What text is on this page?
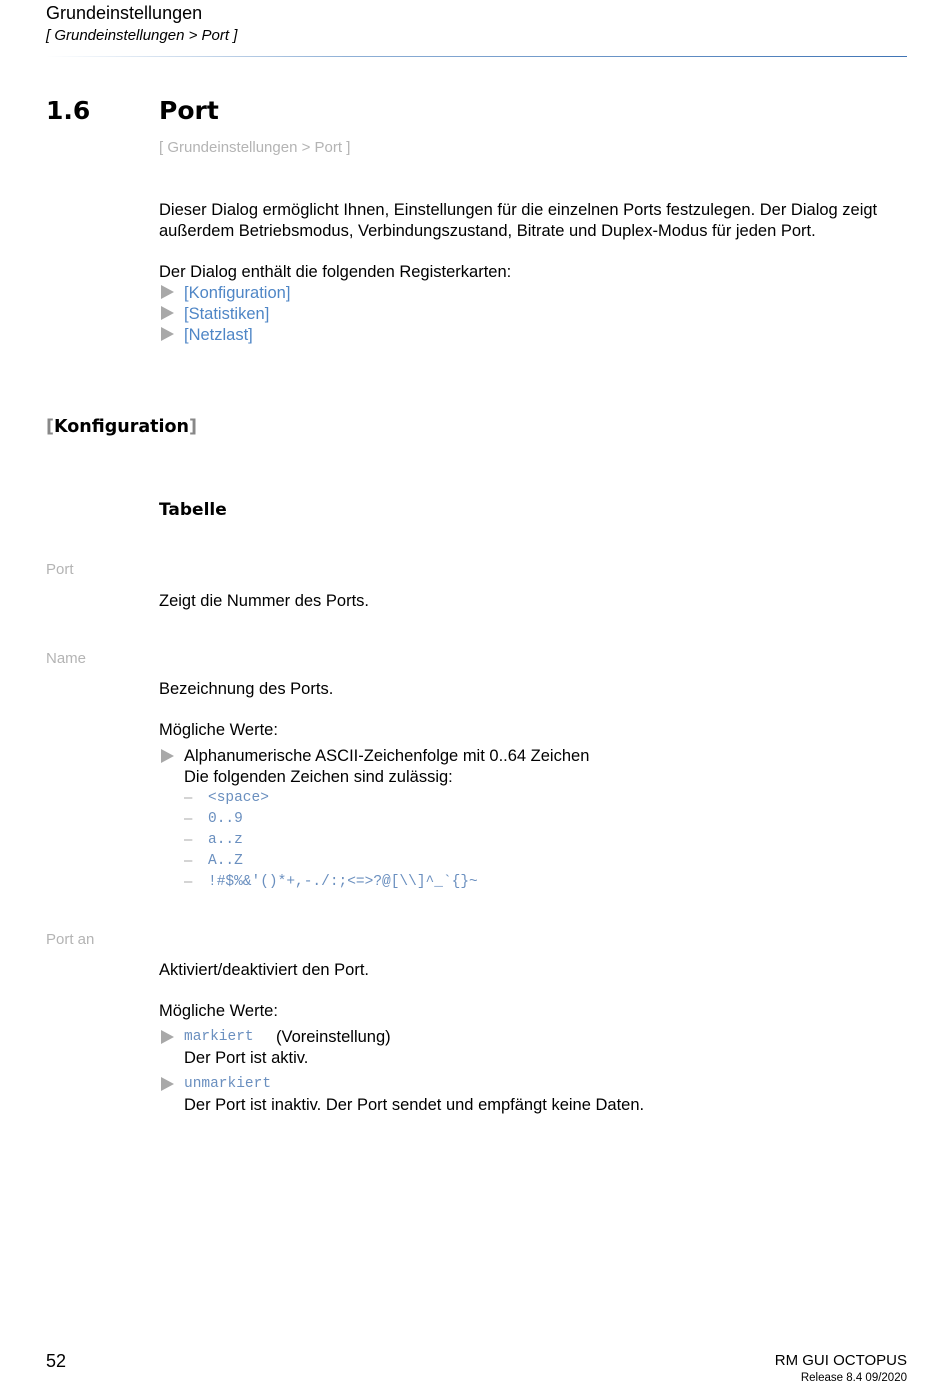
Grundeinstellungen
[ Grundeinstellungen > Port ]
1.6	Port
[ Grundeinstellungen > Port ]
Dieser Dialog ermöglicht Ihnen, Einstellungen für die einzelnen Ports festzulegen. Der Dialog zeigt
außerdem Betriebsmodus, Verbindungszustand, Bitrate und Duplex-Modus für jeden Port.
Der Dialog enthält die folgenden Registerkarten:
[Konfiguration]
[Statistiken]
[Netzlast]
[Konfiguration]
Tabelle
Port
Zeigt die Nummer des Ports.
Name
Bezeichnung des Ports.
Mögliche Werte:
Alphanumerische ASCII-Zeichenfolge mit 0..64 Zeichen
Die folgenden Zeichen sind zulässig:
– <space>
– 0..9
– a..z
– A..Z
– !#$%&'()*+,-./:;<=>?@[\\]^_`{}~
Port an
Aktiviert/deaktiviert den Port.
Mögliche Werte:
markiert (Voreinstellung)
Der Port ist aktiv.
unmarkiert
Der Port ist inaktiv. Der Port sendet und empfängt keine Daten.
52	RM GUI OCTOPUS
Release 8.4 09/2020
